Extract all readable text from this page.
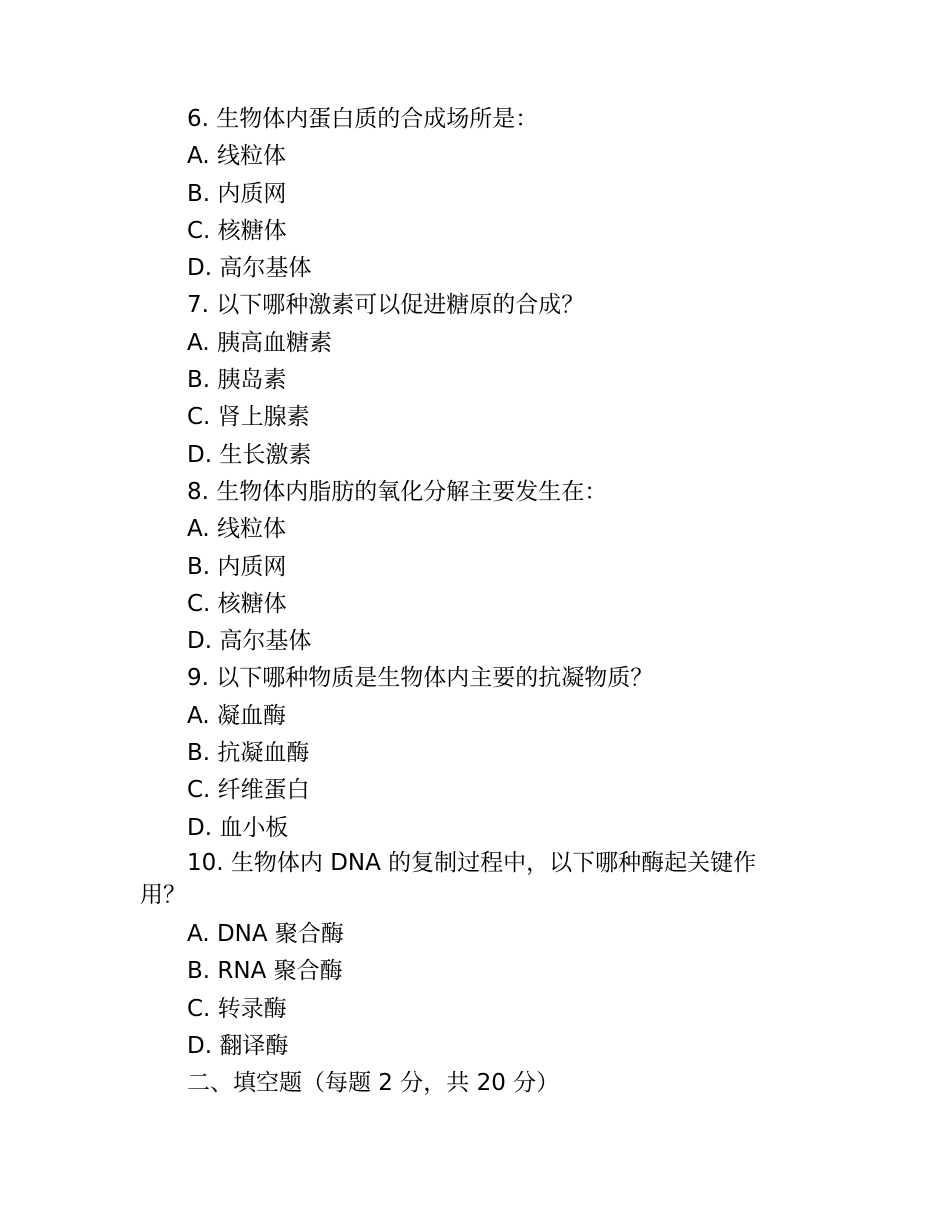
6. 生物体内蛋白质的合成场所是：
A. 线粒体
B. 内质网
C. 核糖体
D. 高尔基体
7. 以下哪种激素可以促进糖原的合成？
A. 胰高血糖素
B. 胰岛素
C. 肾上腺素
D. 生长激素
8. 生物体内脂肪的氧化分解主要发生在：
A. 线粒体
B. 内质网
C. 核糖体
D. 高尔基体
9. 以下哪种物质是生物体内主要的抗凝物质？
A. 凝血酶
B. 抗凝血酶
C. 纤维蛋白
D. 血小板
10. 生物体内 DNA 的复制过程中，以下哪种酶起关键作用？
A. DNA 聚合酶
B. RNA 聚合酶
C. 转录酶
D. 翻译酶
二、填空题（每题 2 分，共 20 分）
